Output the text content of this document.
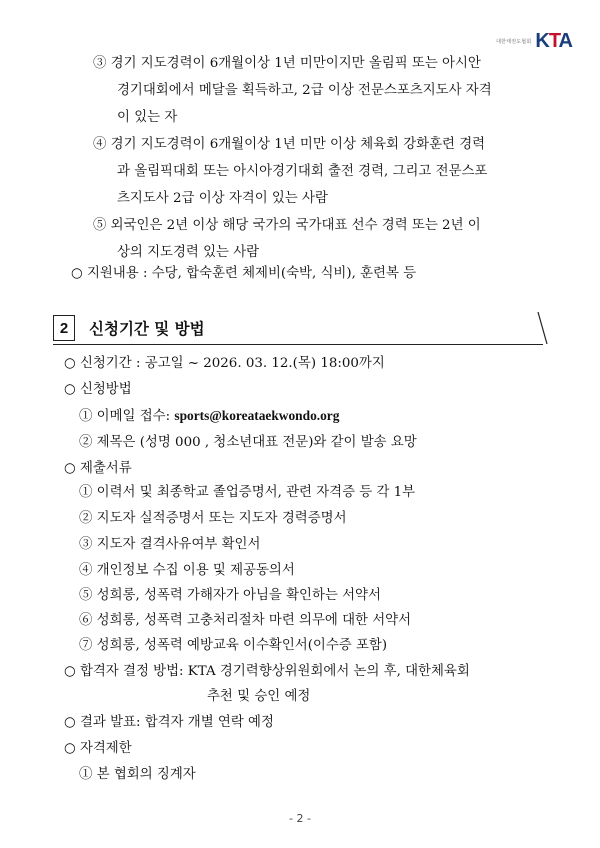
대한태권도협회 KTA
③ 경기 지도경력이 6개월이상 1년 미만이지만 올림픽 또는 아시안
경기대회에서 메달을 획득하고, 2급 이상 전문스포츠지도사 자격
이 있는 자
④ 경기 지도경력이 6개월이상 1년 미만 이상 체육회 강화훈련 경력
과 올림픽대회 또는 아시아경기대회 출전 경력, 그리고 전문스포
츠지도사 2급 이상 자격이 있는 사람
⑤ 외국인은 2년 이상 해당 국가의 국가대표 선수 경력 또는 2년 이
상의 지도경력 있는 사람
○ 지원내용 : 수당, 합숙훈련 체제비(숙박, 식비), 훈련복 등
2	신청기간 및 방법
○ 신청기간 : 공고일 ~ 2026. 03. 12.(목) 18:00까지
○ 신청방법
① 이메일 접수: sports@koreataekwondo.org
② 제목은 (성명 000 , 청소년대표 전문)와 같이 발송 요망
○ 제출서류
① 이력서 및 최종학교 졸업증명서, 관련 자격증 등 각 1부
② 지도자 실적증명서 또는 지도자 경력증명서
③ 지도자 결격사유여부 확인서
④ 개인정보 수집 이용 및 제공동의서
⑤ 성희롱, 성폭력 가해자가 아님을 확인하는 서약서
⑥ 성희롱, 성폭력 고충처리절차 마련 의무에 대한 서약서
⑦ 성희롱, 성폭력 예방교육 이수확인서(이수증 포함)
○ 합격자 결정 방법: KTA 경기력향상위원회에서 논의 후, 대한체육회
추천 및 승인 예정
○ 결과 발표: 합격자 개별 연락 예정
○ 자격제한
① 본 협회의 징계자
- 2 -
